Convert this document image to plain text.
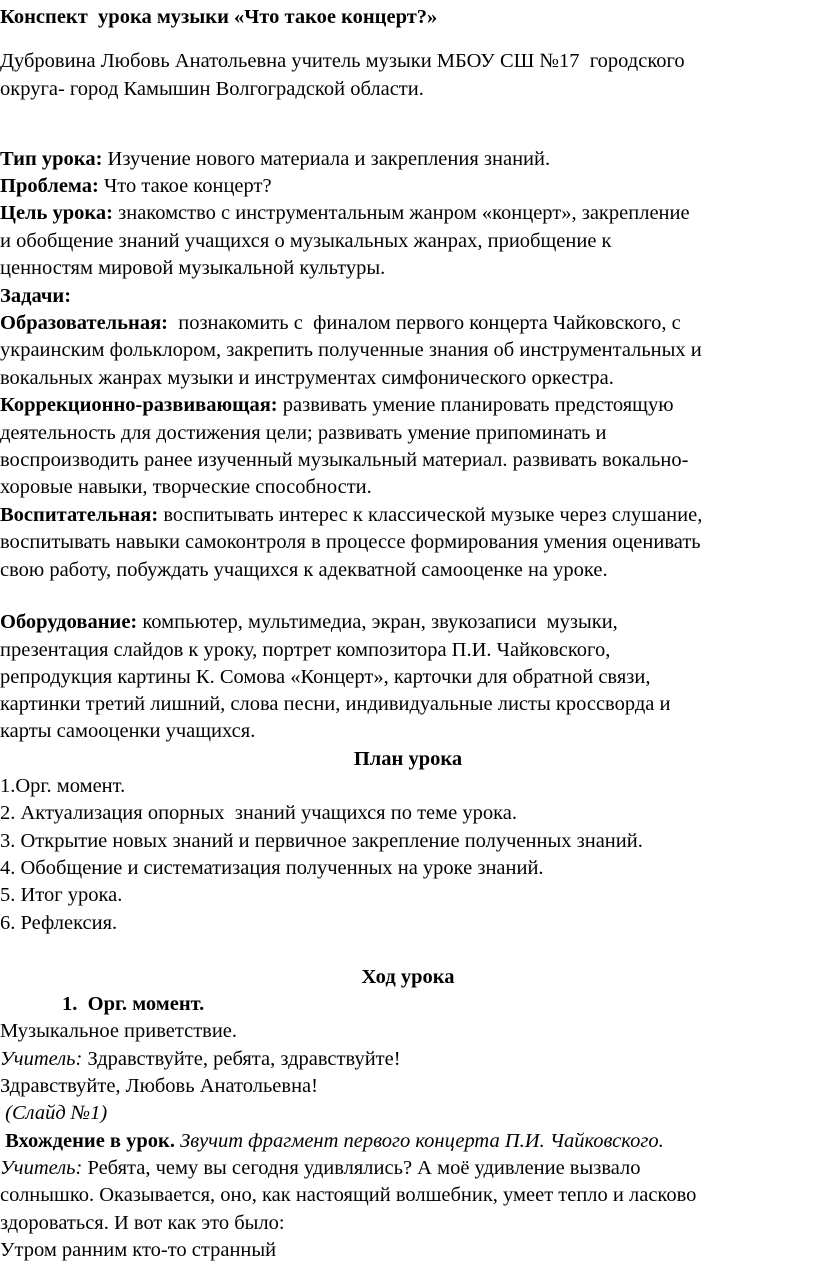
Конспект  урока музыки «Что такое концерт?»
Дубровина Любовь Анатольевна учитель музыки МБОУ СШ №17  городского
округа- город Камышин Волгоградской области.
Тип урока: Изучение нового материала и закрепления знаний.
Проблема: Что такое концерт?
Цель урока: знакомство с инструментальным жанром «концерт», закрепление
и обобщение знаний учащихся о музыкальных жанрах, приобщение к
ценностям мировой музыкальной культуры.
Задачи:
Образовательная:  познакомить с  финалом первого концерта Чайковского, с
украинским фольклором, закрепить полученные знания об инструментальных и
вокальных жанрах музыки и инструментах симфонического оркестра.
Коррекционно-развивающая: развивать умение планировать предстоящую
деятельность для достижения цели; развивать умение припоминать и
воспроизводить ранее изученный музыкальный материал. развивать вокально-
хоровые навыки, творческие способности.
Воспитательная: воспитывать интерес к классической музыке через слушание,
воспитывать навыки самоконтроля в процессе формирования умения оценивать
свою работу, побуждать учащихся к адекватной самооценке на уроке.
Оборудование: компьютер, мультимедиа, экран, звукозаписи  музыки,
презентация слайдов к уроку, портрет композитора П.И. Чайковского,
репродукция картины К. Сомова «Концерт», карточки для обратной связи,
картинки третий лишний, слова песни, индивидуальные листы кроссворда и
карты самооценки учащихся.
План урока
1.Орг. момент.
2. Актуализация опорных  знаний учащихся по теме урока.
3. Открытие новых знаний и первичное закрепление полученных знаний.
4. Обобщение и систематизация полученных на уроке знаний.
5. Итог урока.
6. Рефлексия.
Ход урока
1.  Орг. момент.
Музыкальное приветствие.
Учитель: Здравствуйте, ребята, здравствуйте!
Здравствуйте, Любовь Анатольевна!
(Слайд №1)
Вхождение в урок. Звучит фрагмент первого концерта П.И. Чайковского.
Учитель: Ребята, чему вы сегодня удивлялись? А моё удивление вызвало
солнышко. Оказывается, оно, как настоящий волшебник, умеет тепло и ласково
здороваться. И вот как это было:
Утром ранним кто-то странный
